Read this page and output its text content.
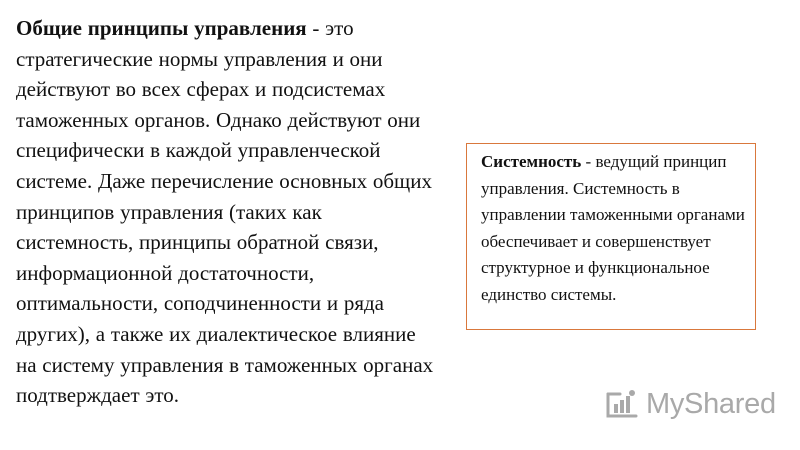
Общие принципы управления - это стратегические нормы управления и они действуют во всех сферах и подсистемах таможенных органов. Однако действуют они специфически в каждой управленческой системе. Даже перечисление основных общих принципов управления (таких как системность, принципы обратной связи, информационной достаточности, оптимальности, соподчиненности и ряда других), а также их диалектическое влияние на систему управления в таможенных органах подтверждает это.
Системность - ведущий принцип управления. Системность в управлении таможенными органами обеспечивает и совершенствует структурное и функциональное единство системы.
MyShared
